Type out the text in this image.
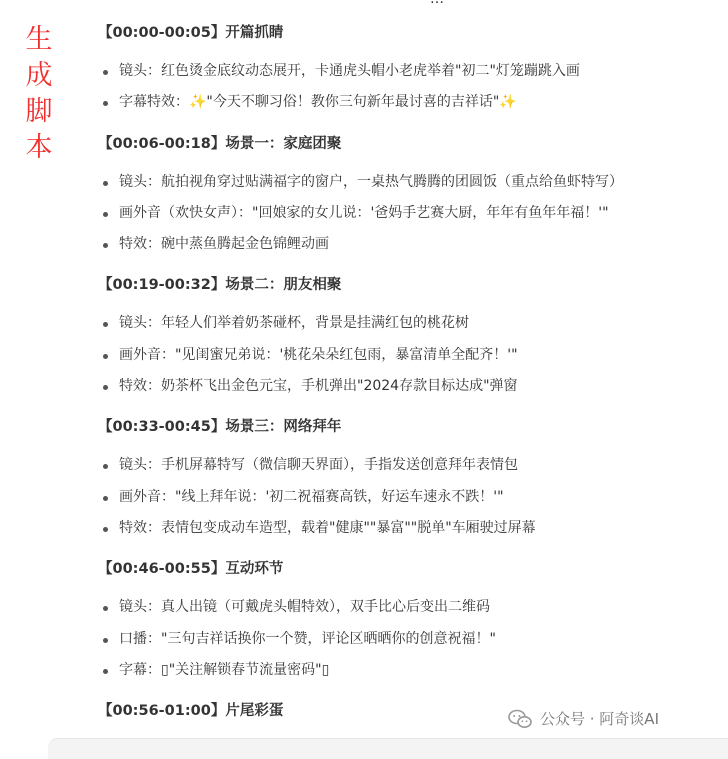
生成脚本
【00:00-00:05】开篇抓睛
镜头：红色烫金底纹动态展开，卡通虎头帽小老虎举着"初二"灯笼蹦跳入画
字幕特效：✨"今天不聊习俗！教你三句新年最讨喜的吉祥话"✨
【00:06-00:18】场景一：家庭团聚
镜头：航拍视角穿过贴满福字的窗户，一桌热气腾腾的团圆饭（重点给鱼虾特写）
画外音（欢快女声）："回娘家的女儿说：'爸妈手艺赛大厨，年年有鱼年年福！'"
特效：碗中蒸鱼腾起金色锦鲤动画
【00:19-00:32】场景二：朋友相聚
镜头：年轻人们举着奶茶碰杯，背景是挂满红包的桃花树
画外音："见闺蜜兄弟说：'桃花朵朵红包雨，暴富清单全配齐！'"
特效：奶茶杯飞出金色元宝，手机弹出"2024存款目标达成"弹窗
【00:33-00:45】场景三：网络拜年
镜头：手机屏幕特写（微信聊天界面），手指发送创意拜年表情包
画外音："线上拜年说：'初二祝福赛高铁，好运车速永不跌！'"
特效：表情包变成动车造型，载着"健康""暴富""脱单"车厢驶过屏幕
【00:46-00:55】互动环节
镜头：真人出镜（可戴虎头帽特效），双手比心后变出二维码
口播："三句吉祥话换你一个赞，评论区晒晒你的创意祝福！"
字幕：▯"关注解锁春节流量密码"▯
【00:56-01:00】片尾彩蛋	公众号 · 阿奇谈AI
